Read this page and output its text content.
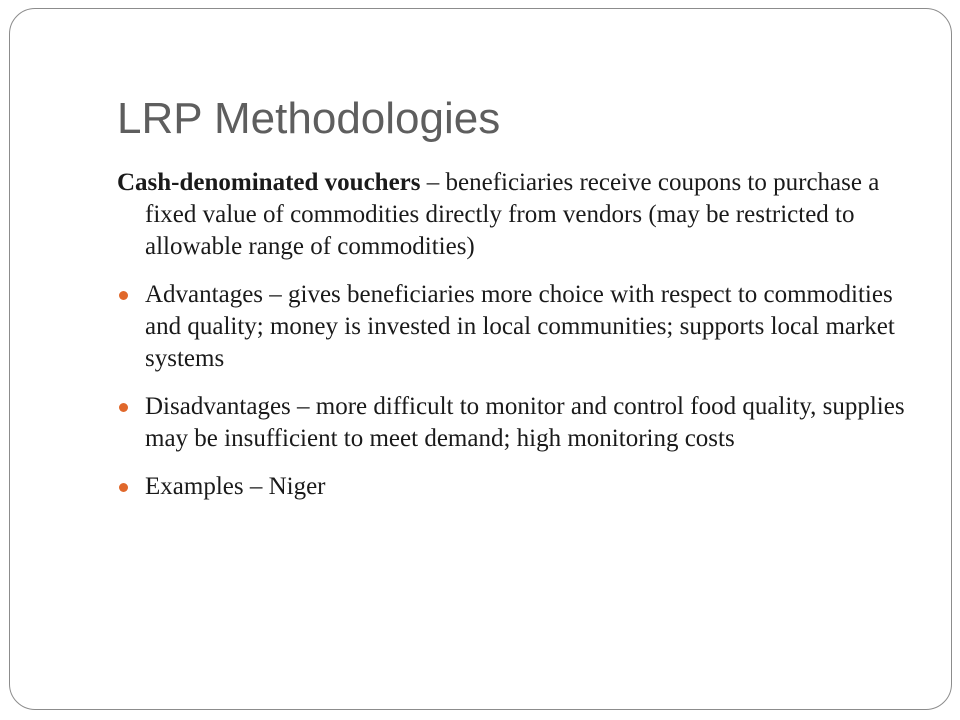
LRP Methodologies

Cash-denominated vouchers – beneficiaries receive coupons to purchase a fixed value of commodities directly from vendors (may be restricted to allowable range of commodities)

Advantages – gives beneficiaries more choice with respect to commodities and quality; money is invested in local communities; supports local market systems
Disadvantages – more difficult to monitor and control food quality, supplies may be insufficient to meet demand; high monitoring costs
Examples – Niger
